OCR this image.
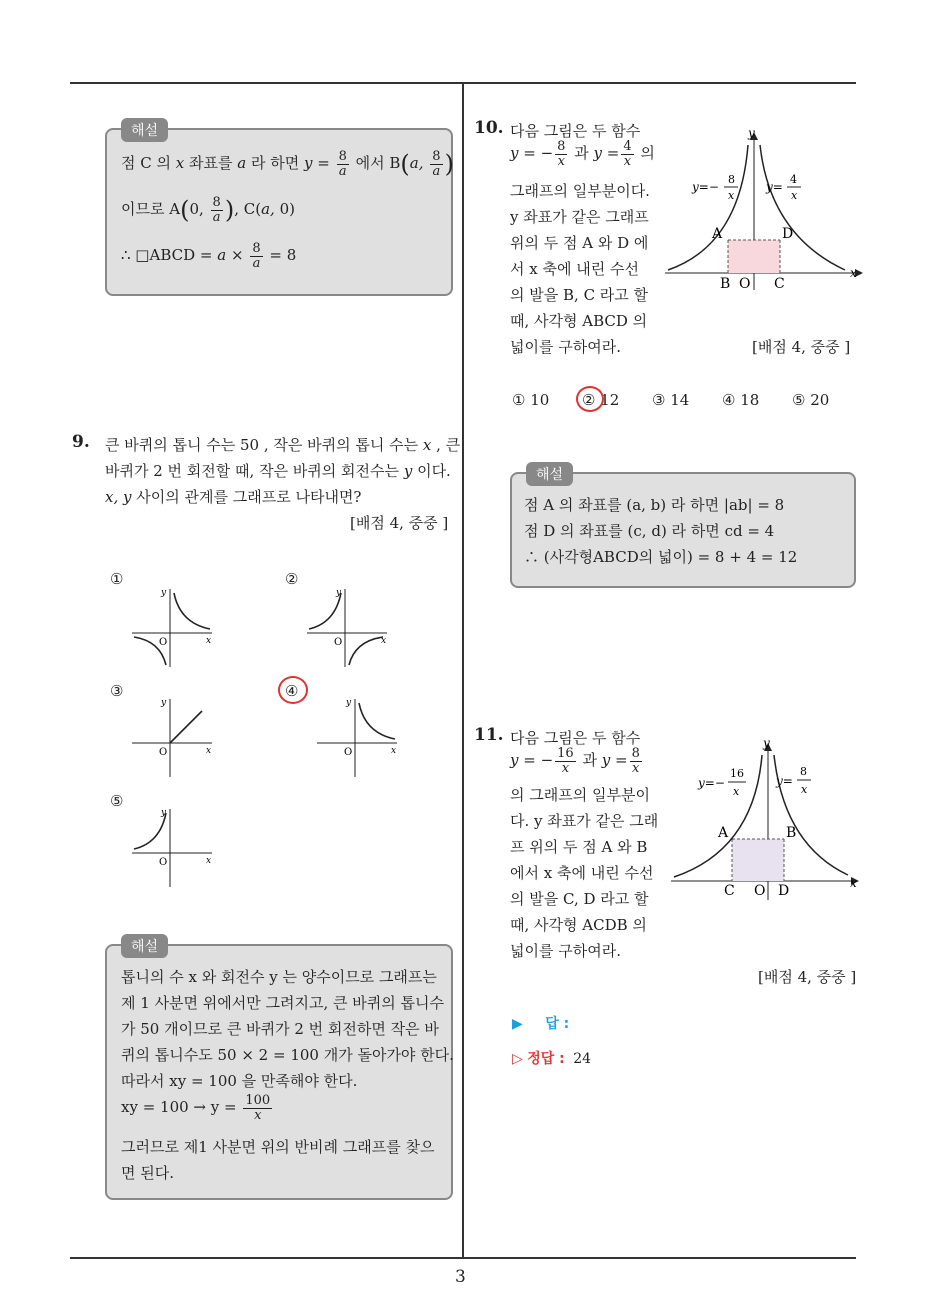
해설
점 C 의 x 좌표를 a 라 하면 $y = \frac{8}{a}$ 에서 B(a, $\frac{8}{a}$ )
이므로 A(0, $\frac{8}{a}$ ), C(a, 0)
∴ □ABCD = $a \times \frac{8}{a} = 8$
9. 큰 바퀴의 톱니 수는 50 , 작은 바퀴의 톱니 수는 x , 큰
바퀴가 2 번 회전할 때, 작은 바퀴의 회전수는 y 이다.
x, y 사이의 관계를 그래프로 나타내면?
[배점 4, 중중 ]
①	②
③	④
⑤
O	x
y
O	x
y
O	x
y
O	x
y
O	x
y
해설
톱니의 수 x 와 회전수 y 는 양수이므로 그래프는
제 1 사분면 위에서만 그려지고, 큰 바퀴의 톱니수
가 50 개이므로 큰 바퀴가 2 번 회전하면 작은 바
퀴의 톱니수도 50 × 2 = 100 개가 돌아가야 한다.
따라서 xy = 100 을 만족해야 한다.
xy = $100 \to y = \frac{100}{x}$
그러므로 제1 사분면 위의 반비례 그래프를 찾으
면 된다.
10. 다음 그림은 두 함수
y = − $\frac{8}{x}$ 과 $y = \frac{4}{x}$ 의
그래프의 일부분이다.
y 좌표가 같은 그래프
위의 두 점 A 와 D 에
서 x 축에 내린 수선
의 발을 B, C 라고 할
때, 사각형 ABCD 의
넓이를 구하여라.	[배점 4, 중중 ]
y
x
A	D
B O C
y=−
8
x
y=
4
x
① 10 ② 12 ③ 14 ④ 18 ⑤ 20
해설
점 A 의 좌표를 (a, b) 라 하면 |ab| = 8
점 D 의 좌표를 (c, d) 라 하면 cd = 4
∴ (사각형ABCD의 넓이) = 8 + 4 = 12
11. 다음 그림은 두 함수
y = − $\frac{16}{x}$ 과 $y = \frac{8}{x}$
의 그래프의 일부분이
다. y 좌표가 같은 그래
프 위의 두 점 A 와 B
에서 x 축에 내린 수선
의 발을 C, D 라고 할
때, 사각형 ACDB 의
넓이를 구하여라.
[배점 4, 중중 ]
y
x
A	B
C O D
y=−
16
x
y=
8
x
▶ 답 :
▷ 정답 : 24
3
